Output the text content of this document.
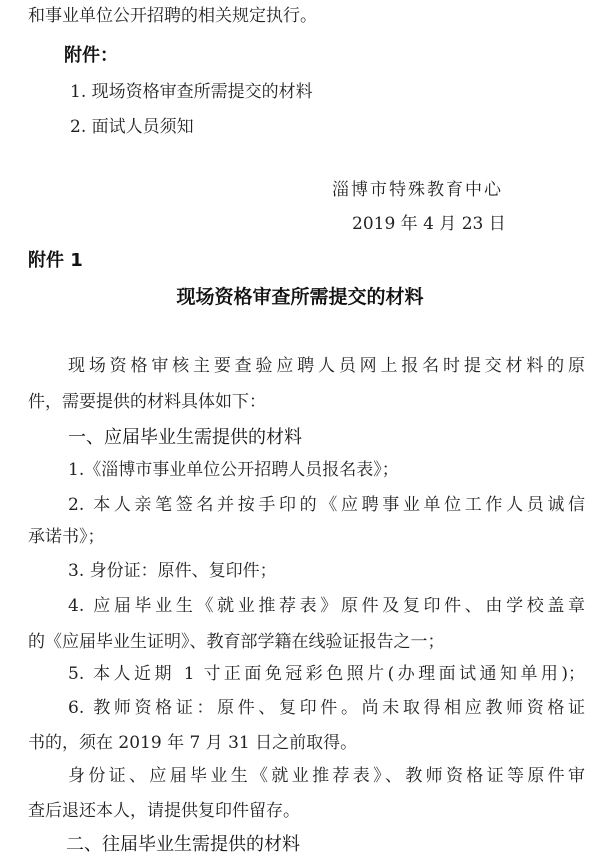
和事业单位公开招聘的相关规定执行。
附件：
1. 现场资格审查所需提交的材料
2. 面试人员须知
淄博市特殊教育中心
2019 年 4 月 23 日
附件 1
现场资格审查所需提交的材料
现场资格审核主要查验应聘人员网上报名时提交材料的原
件，需要提供的材料具体如下：
一、应届毕业生需提供的材料
1.《淄博市事业单位公开招聘人员报名表》；
2. 本人亲笔签名并按手印的《应聘事业单位工作人员诚信
承诺书》；
3. 身份证：原件、复印件；
4. 应届毕业生《就业推荐表》原件及复印件、由学校盖章
的《应届毕业生证明》、教育部学籍在线验证报告之一；
5. 本人近期 1 寸正面免冠彩色照片(办理面试通知单用)；
6. 教师资格证：原件、复印件。尚未取得相应教师资格证
书的，须在 2019 年 7 月 31 日之前取得。
身份证、应届毕业生《就业推荐表》、教师资格证等原件审
查后退还本人，请提供复印件留存。
二、往届毕业生需提供的材料
